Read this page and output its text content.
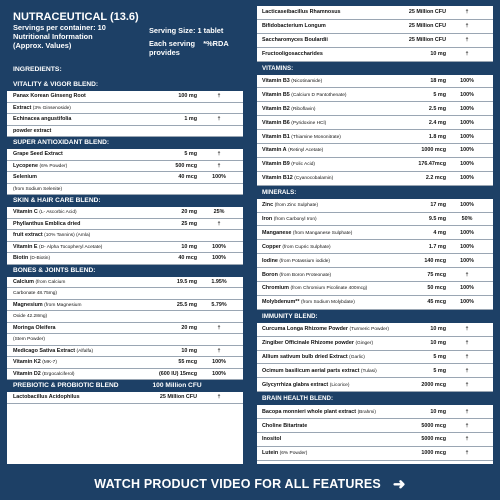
NUTRACEUTICAL (13.6)
Servings per container: 10
Nutritional Information
(Approx. Values)
Serving Size: 1 tablet
Each serving *%RDA
provides
INGREDIENTS:
VITALITY & VIGOR BLEND:
Panax Korean Ginseng Root	100 mg	†
Extract (3% Ginsenoside)
Echinacea angustifolia	1 mg	†
powder extract
SUPER ANTIOXIDANT BLEND:
Grape Seed Extract	5 mg	†
Lycopene (6% Powder)	500 mcg	†
Selenium	40 mcg	100%
(from Sodium Selenite)
SKIN & HAIR CARE BLEND:
Vitamin C (L- Ascorbic Acid)	20 mg	25%
Phyllanthus Emblica dried	25 mg	†
fruit extract (10% Tannins) (Amla)
Vitamin E (D- Alpha Tocopheryl Acetate)	10 mg	100%
Biotin (D-Biotin)	40 mcg	100%
BONES & JOINTS BLEND:
Calcium (from Calcium	19.5 mg	1.95%
Carbonate 48.75mg)
Magnesium (from Magnesium	25.5 mg	5.79%
Oxide 42.28mg)
Moringa Oleifera	20 mg	†
(Stem Powder)
Medicago Sativa Extract (Alfalfa)	10 mg	†
Vitamin K2 (MK-7)	55 mcg	100%
Vitamin D2 (Ergocalciferol)	(600 IU) 15mcg	100%
PREBIOTIC & PROBIOTIC BLEND	100 Million CFU
Lactobacillus Acidophilus	25 Million CFU	†
Lacticaseibacillus Rhamnosus	25 Million CFU	†
Bifidobacterium Longum	25 Million CFU	†
Saccharomyces Boulardii	25 Million CFU	†
Fructooligosaccharides	10 mg	†
VITAMINS:
Vitamin B3 (Nicotinamide)	18 mg	100%
Vitamin B5 (Calcium D Pantothenate)	5 mg	100%
Vitamin B2 (Riboflavin)	2.5 mg	100%
Vitamin B6 (Pyridoxine HCl)	2.4 mg	100%
Vitamin B1 (Thiamine Mononitrate)	1.8 mg	100%
Vitamin A (Retinyl Acetate)	1000 mcg	100%
Vitamin B9 (Folic Acid)	176.47mcg	100%
Vitamin B12 (Cyanocobalamin)	2.2 mcg	100%
MINERALS:
Zinc (from Zinc Sulphate)	17 mg	100%
Iron (from Carbonyl Iron)	9.5 mg	50%
Manganese (from Manganese Sulphate)	4 mg	100%
Copper (from Cupric Sulphate)	1.7 mg	100%
Iodine (from Potassium iodide)	140 mcg	100%
Boron (from Boron Proteonate)	75 mcg	†
Chromium (from Chromium Picolinate 400mcg)	50 mcg	100%
Molybdenum** (from Sodium Molybdate)	45 mcg	100%
IMMUNITY BLEND:
Curcuma Longa Rhizome Powder (Turmeric Powder)	10 mg	†
Zingiber Officinale Rhizome powder (Ginger)	10 mg	†
Allium sativum bulb dried Extract (Garlic)	5 mg	†
Ocimum basilicum aerial parts extract (Tulasi)	5 mg	†
Glycyrrhiza glabra extract (Licorice)	2000 mcg	†
BRAIN HEALTH BLEND:
Bacopa monnieri whole plant extract (Brahmi)	10 mg	†
Choline Bitartrate	5000 mcg	†
Inositol	5000 mcg	†
Lutein (6% Powder)	1000 mcg	†
WATCH PRODUCT VIDEO FOR ALL FEATURES ➜
